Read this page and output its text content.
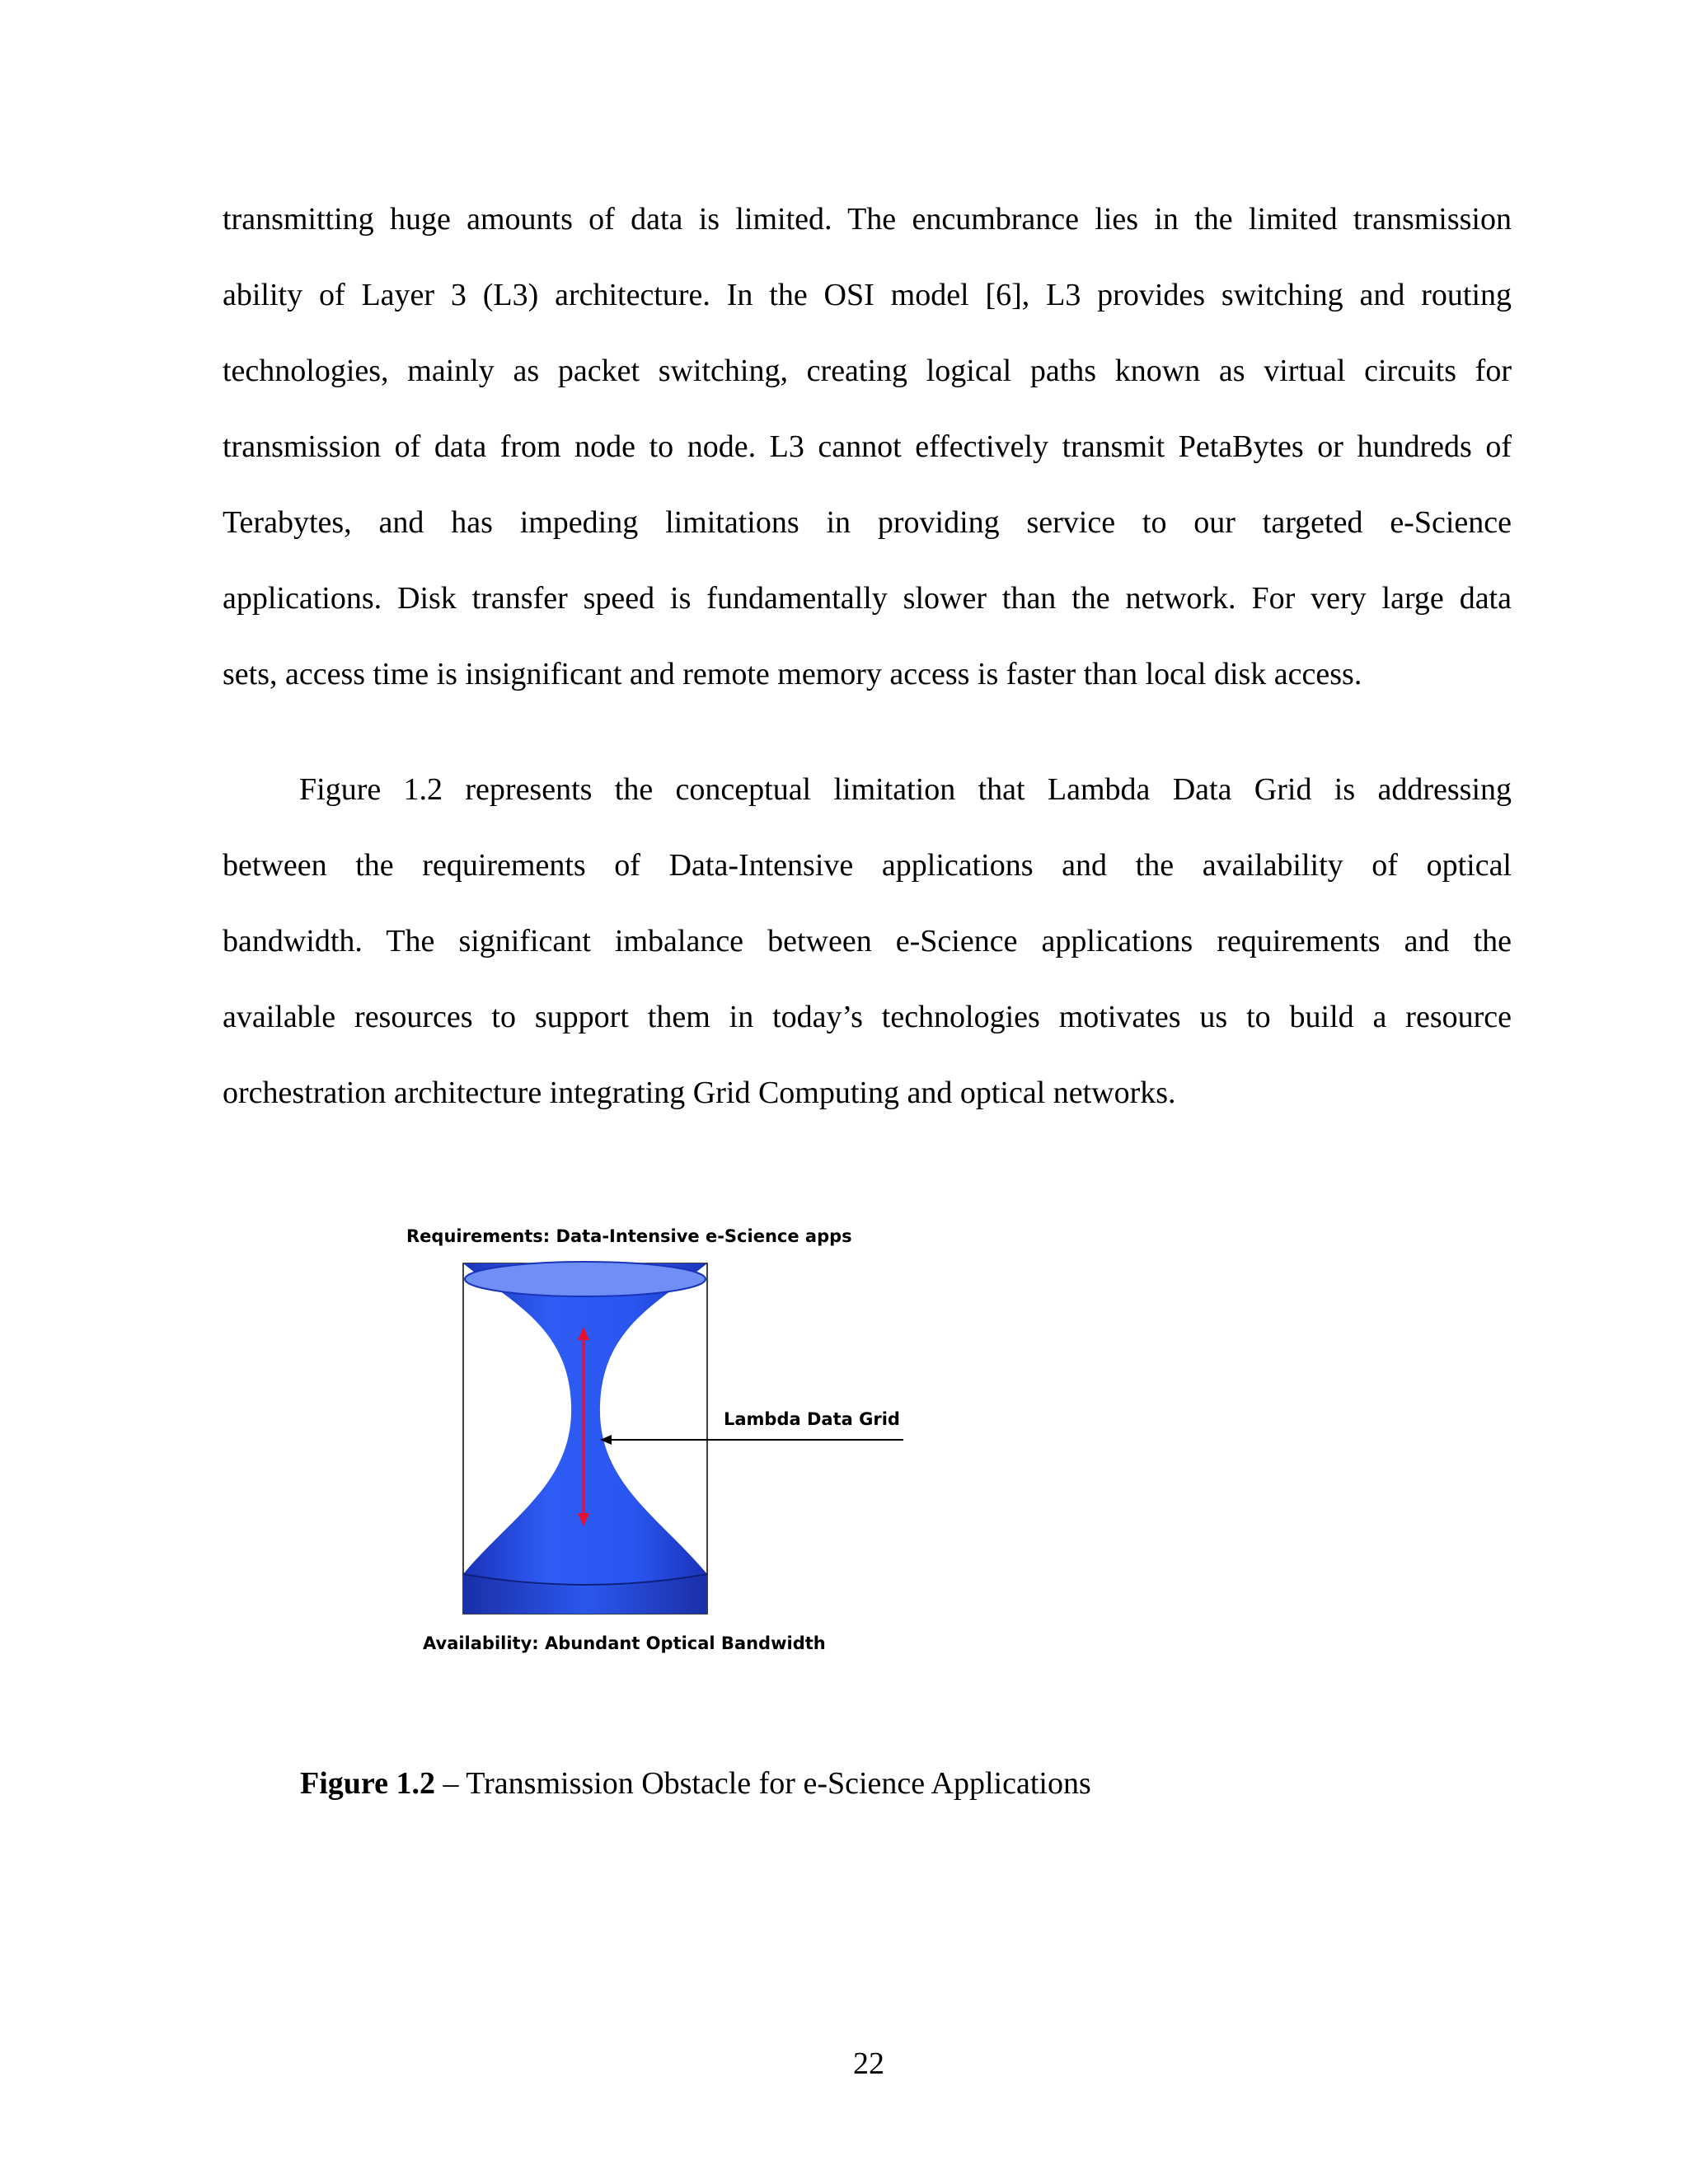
transmitting huge amounts of data is limited. The encumbrance lies in the limited transmission
ability of Layer 3 (L3) architecture. In the OSI model [6], L3 provides switching and routing
technologies, mainly as packet switching, creating logical paths known as virtual circuits for
transmission of data from node to node. L3 cannot effectively transmit PetaBytes or hundreds of
Terabytes, and has impeding limitations in providing service to our targeted e-Science
applications. Disk transfer speed is fundamentally slower than the network. For very large data
sets, access time is insignificant and remote memory access is faster than local disk access.
Figure 1.2 represents the conceptual limitation that Lambda Data Grid is addressing
between the requirements of Data-Intensive applications and the availability of optical
bandwidth. The significant imbalance between e-Science applications requirements and the
available resources to support them in today’s technologies motivates us to build a resource
orchestration architecture integrating Grid Computing and optical networks.
Requirements: Data-Intensive e-Science apps
Lambda Data Grid
Availability: Abundant Optical Bandwidth
Figure 1.2 – Transmission Obstacle for e-Science Applications
22
